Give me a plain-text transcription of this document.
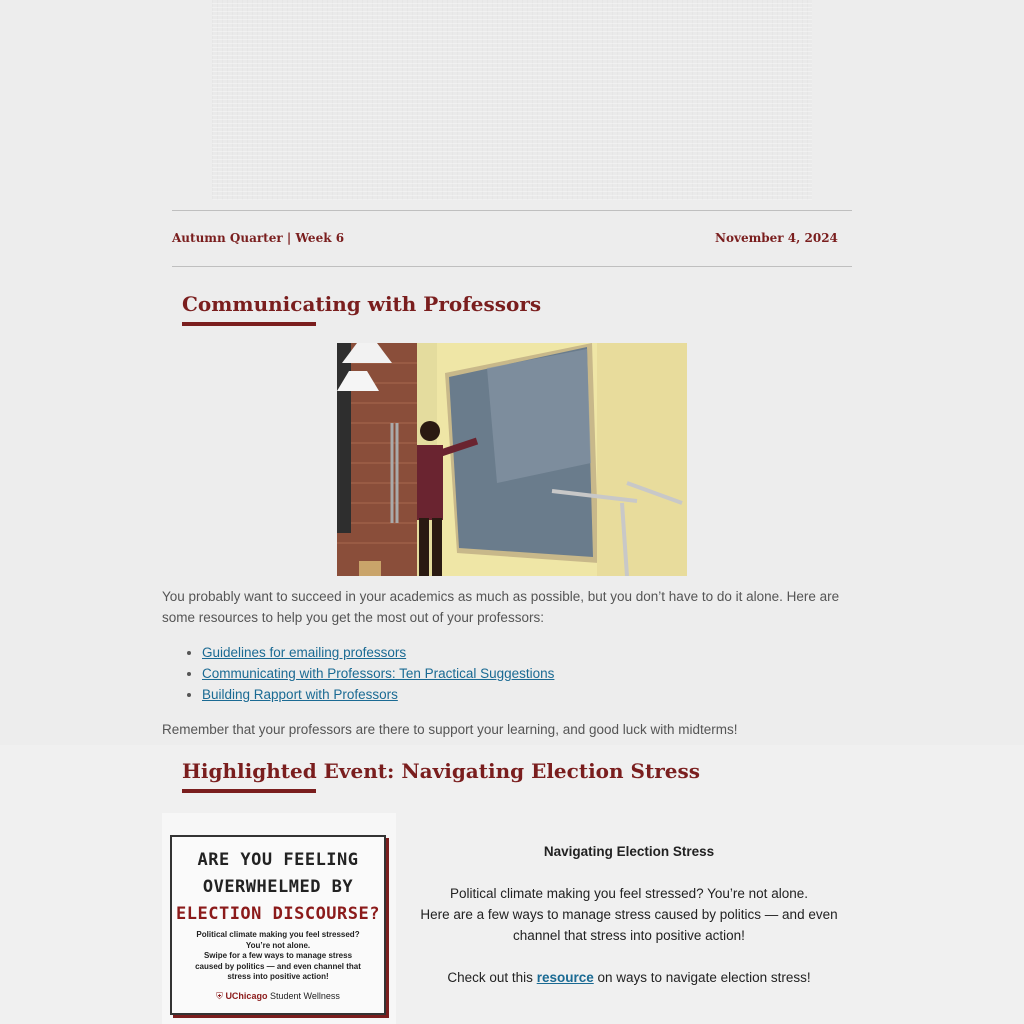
Autumn Quarter | Week 6	November 4, 2024
Communicating with Professors
You probably want to succeed in your academics as much as possible, but you don’t have to do it alone. Here are some resources to help you get the most out of your professors:
• Guidelines for emailing professors
• Communicating with Professors: Ten Practical Suggestions
• Building Rapport with Professors
Remember that your professors are there to support your learning, and good luck with midterms!
Highlighted Event: Navigating Election Stress
ARE YOU FEELING
OVERWHELMED BY
ELECTION DISCOURSE?
Political climate making you feel stressed?
You’re not alone.
Swipe for a few ways to manage stress
caused by politics — and even channel that
stress into positive action!
⛨ UChicago Student Wellness
Navigating Election Stress
Political climate making you feel stressed? You’re not alone.
Here are a few ways to manage stress caused by politics — and even channel that stress into positive action!
Check out this resource on ways to navigate election stress!
